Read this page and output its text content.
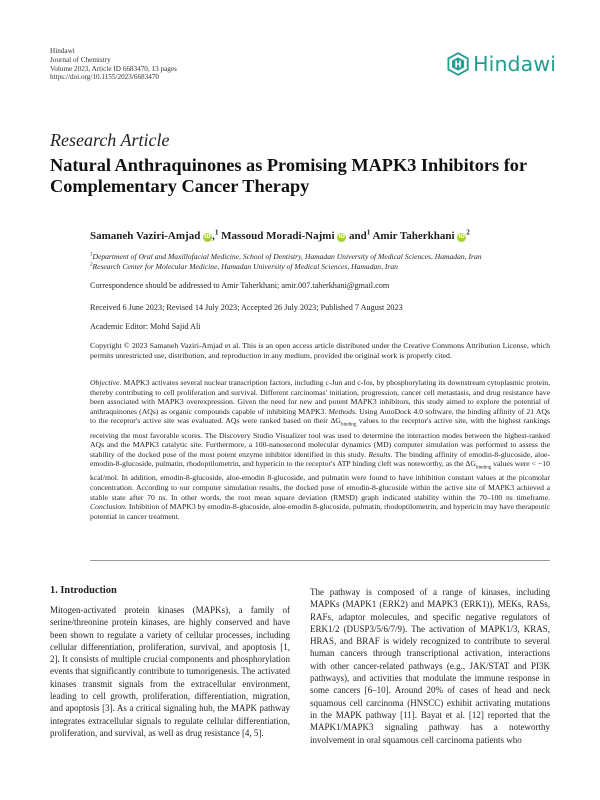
Hindawi
Journal of Chemistry
Volume 2023, Article ID 6683470, 13 pages
https://doi.org/10.1155/2023/6683470
Hindawi
Research Article
Natural Anthraquinones as Promising MAPK3 Inhibitors for Complementary Cancer Therapy
Samaneh Vaziri-Amjad iD,$^1$ Massoud Moradi-Najmi iD and$^1$ Amir Taherkhani $iD^2$
$^1$Department of Oral and Maxillofacial Medicine, School of Dentistry, Hamadan University of Medical Sciences, Hamadan, Iran
$^2$Research Center for Molecular Medicine, Hamadan University of Medical Sciences, Hamadan, Iran
Correspondence should be addressed to Amir Taherkhani; amir.007.taherkhani@gmail.com
Received 6 June 2023; Revised 14 July 2023; Accepted 26 July 2023; Published 7 August 2023
Academic Editor: Mohd Sajid Ali
Copyright © 2023 Samaneh Vaziri-Amjad et al. This is an open access article distributed under the Creative Commons Attribution License, which permits unrestricted use, distribution, and reproduction in any medium, provided the original work is properly cited.
Objective. MAPK3 activates several nuclear transcription factors, including c-Jun and c-fos, by phosphorylating its downstream cytoplasmic protein, thereby contributing to cell proliferation and survival. Different carcinomas' initiation, progression, cancer cell metastasis, and drug resistance have been associated with MAPK3 overexpression. Given the need for new and potent MAPK3 inhibitors, this study aimed to explore the potential of anthraquinones (AQs) as organic compounds capable of inhibiting MAPK3. Methods. Using AutoDock 4.0 software, the binding affinity of 21 AQs to the receptor's active site was evaluated. AQs were ranked based on their $\Delta G_{binding}$ values to the receptor's active site, with the highest rankings receiving the most favorable scores. The Discovery Studio Visualizer tool was used to determine the interaction modes between the highest-ranked AQs and the MAPK3 catalytic site. Furthermore, a 100-nanosecond molecular dynamics (MD) computer simulation was performed to assess the stability of the docked pose of the most potent enzyme inhibitor identified in this study. Results. The binding affinity of emodin-8-glucoside, aloe-emodin-8-glucoside, pulmatin, rhodoptilometrin, and hypericin to the receptor's ATP binding cleft was noteworthy, as the $\Delta G_{binding}$ values were < −10 kcal/mol. In addition, emodin-8-glucoside, aloe-emodin 8-glucoside, and pulmatin were found to have inhibition constant values at the picomolar concentration. According to our computer simulation results, the docked pose of emodin-8-glucoside within the active site of MAPK3 achieved a stable state after 70 ns. In other words, the root mean square deviation (RMSD) graph indicated stability within the 70–100 ns timeframe. Conclusion. Inhibition of MAPK3 by emodin-8-glucoside, aloe-emodin 8-glucoside, pulmatin, rhodoptilometrin, and hypericin may have therapeutic potential in cancer treatment.
1. Introduction

Mitogen-activated protein kinases (MAPKs), a family of serine/threonine protein kinases, are highly conserved and have been shown to regulate a variety of cellular processes, including cellular differentiation, proliferation, survival, and apoptosis [1, 2]. It consists of multiple crucial components and phosphorylation events that significantly contribute to tumorigenesis. The activated kinases transmit signals from the extracellular environment, leading to cell growth, proliferation, differentiation, migration, and apoptosis [3]. As a critical signaling hub, the MAPK pathway integrates extracellular signals to regulate cellular differentiation, proliferation, and survival, as well as drug resistance [4, 5].

The pathway is composed of a range of kinases, including MAPKs (MAPK1 (ERK2) and MAPK3 (ERK1)), MEKs, RASs, RAFs, adaptor molecules, and specific negative regulators of ERK1/2 (DUSP3/5/6/7/9). The activation of MAPK1/3, KRAS, HRAS, and BRAF is widely recognized to contribute to several human cancers through transcriptional activation, interactions with other cancer-related pathways (e.g., JAK/STAT and PI3K pathways), and activities that modulate the immune response in some cancers [6–10]. Around 20% of cases of head and neck squamous cell carcinoma (HNSCC) exhibit activating mutations in the MAPK pathway [11]. Bayat et al. [12] reported that the MAPK1/MAPK3 signaling pathway has a noteworthy involvement in oral squamous cell carcinoma patients who
